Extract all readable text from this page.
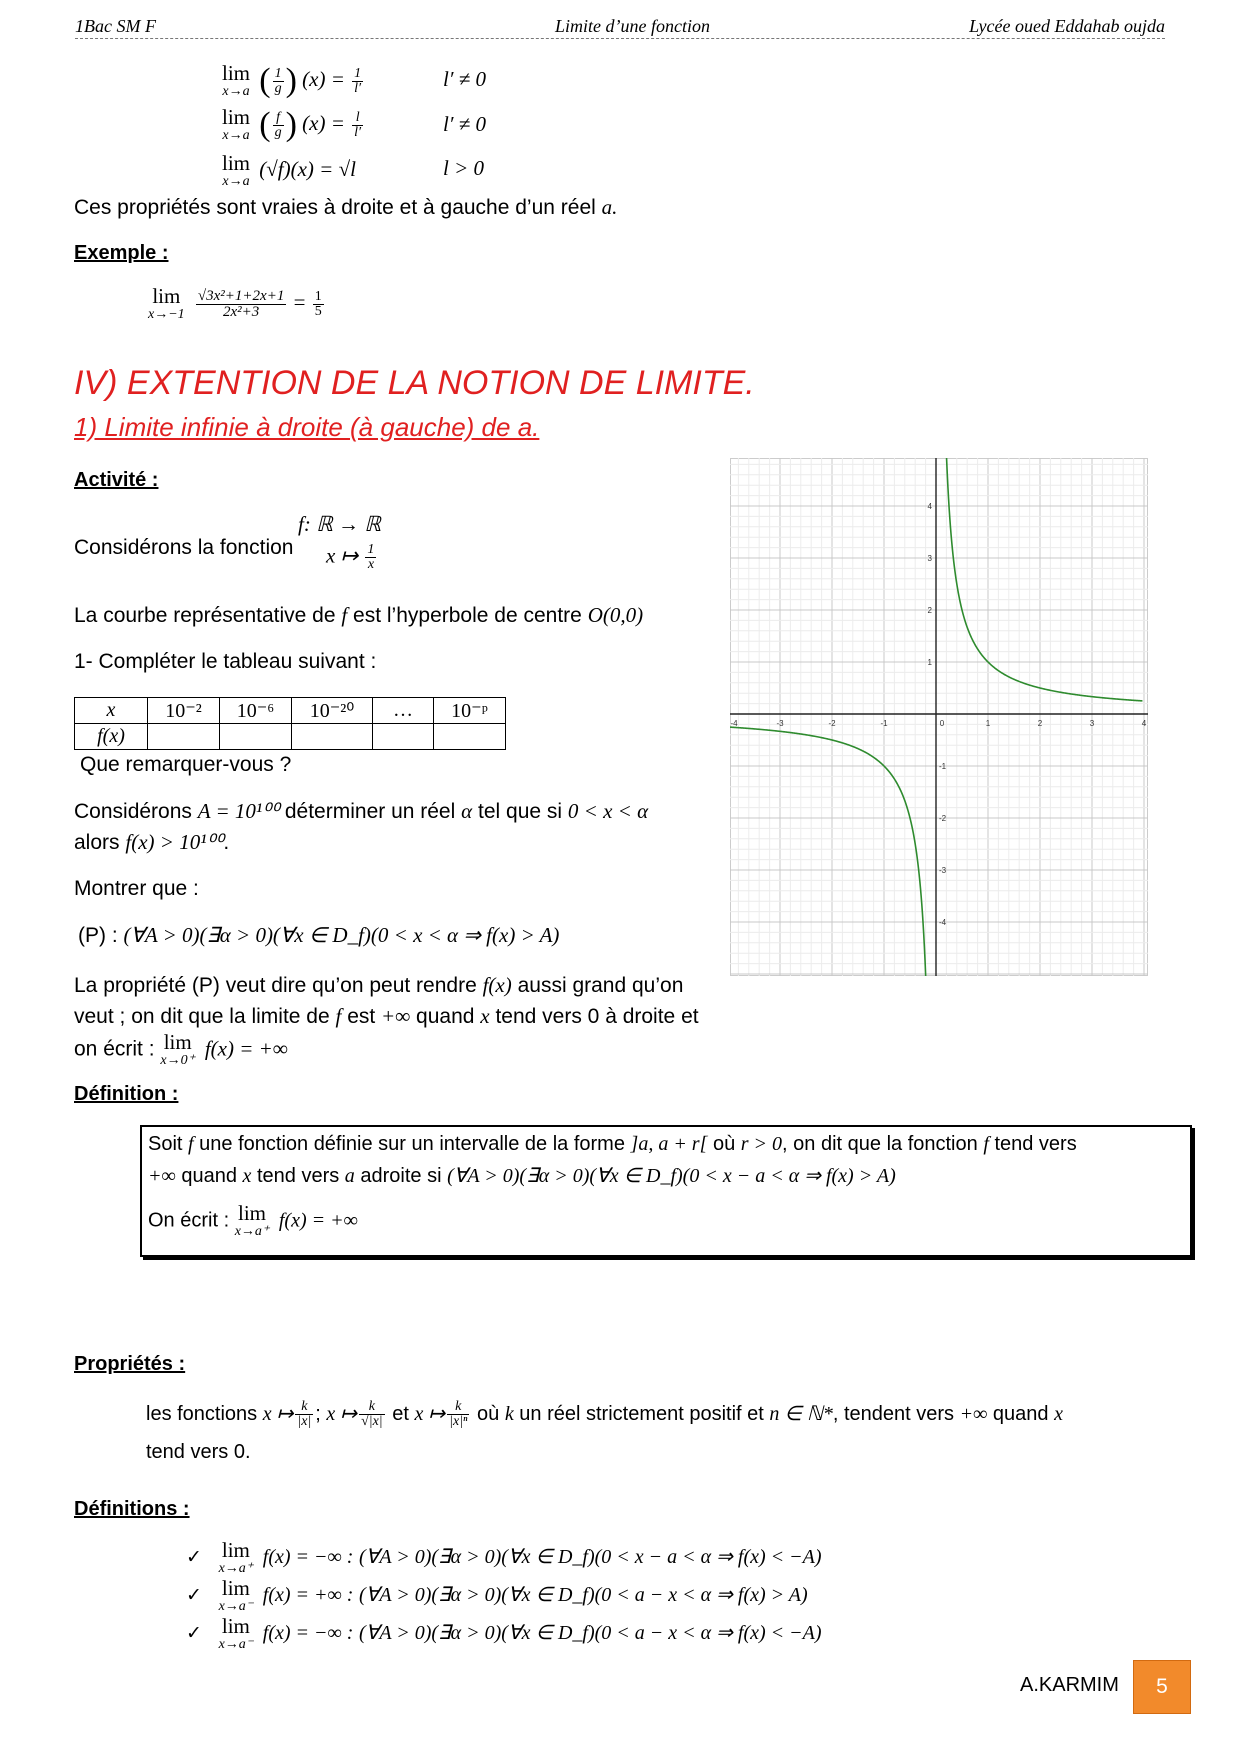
1Bac SM F	Limite d’une fonction	Lycée oued Eddahab oujda
lim
x→a ( $\frac{1}{g}$ ) $(x) = \frac{1}{l'}$	l′ ≠ 0
lim
x→a ( $\frac{f}{g}$ ) $(x) = \frac{l}{l'}$	l′ ≠ 0
lim
x→a
(√f)(x) = √l	l > 0
Ces propriétés sont vraies à droite et à gauche d’un réel a.
Exemple :
lim
x→−1
$\frac{\text{√3x²+1+2x+1}}{\text{2x²+3}} = \frac{1}{5}$
IV) EXTENTION DE LA NOTION DE LIMITE.
1) Limite infinie à droite (à gauche) de a.
Activité :
Considérons la fonction
f: ℝ → ℝ
x ↦ $\frac{1}{x}$
La courbe représentative de f est l’hyperbole de centre O(0,0)
1- Compléter le tableau suivant :
x	10⁻²	10⁻⁶	10⁻²⁰	…	10⁻ᵖ
f(x)					
Que remarquer-vous ?
Considérons A = 10¹⁰⁰ déterminer un réel α tel que si 0 < x < α
alors f(x) > 10¹⁰⁰.
Montrer que :
(P) : (∀A > 0)(∃α > 0)(∀x ∈ D_f)(0 < x < α ⇒ f(x) > A)
La propriété (P) veut dire qu’on peut rendre f(x) aussi grand qu’on
veut ; on dit que la limite de f est +∞ quand x tend vers 0 à droite et
on écrit : lim
x→0⁺ f(x) = +∞
Définition :
Soit f une fonction définie sur un intervalle de la forme ]a, a + r[ où r > 0, on dit que la fonction f tend vers
+∞ quand x tend vers a adroite si (∀A > 0)(∃α > 0)(∀x ∈ D_f)(0 < x − a < α ⇒ f(x) > A)
On écrit : lim
x→a⁺
f(x) = +∞
Propriétés :
les fonctions x ↦ $\frac{k}{|x|}$ ; x ↦ $\frac{k}{√|x|}$ et x ↦ $\frac{k}{\text{|x|ⁿ}}$ où k un réel strictement positif et n ∈ ℕ*, tendent vers +∞ quand x
tend vers 0.
Définitions :
✓ lim
x→a⁺
f(x) = −∞ : (∀A > 0)(∃α > 0)(∀x ∈ D_f)(0 < x − a < α ⇒ f(x) < −A)
✓ lim
x→a⁻
f(x) = +∞ : (∀A > 0)(∃α > 0)(∀x ∈ D_f)(0 < a − x < α ⇒ f(x) > A)
✓ lim
x→a⁻
f(x) = −∞ : (∀A > 0)(∃α > 0)(∀x ∈ D_f)(0 < a − x < α ⇒ f(x) < −A)
A.KARMIM	5
-4	-3	-2	-1	0	1	2	3	4
1
2
3
4
-1
-2
-3
-4
